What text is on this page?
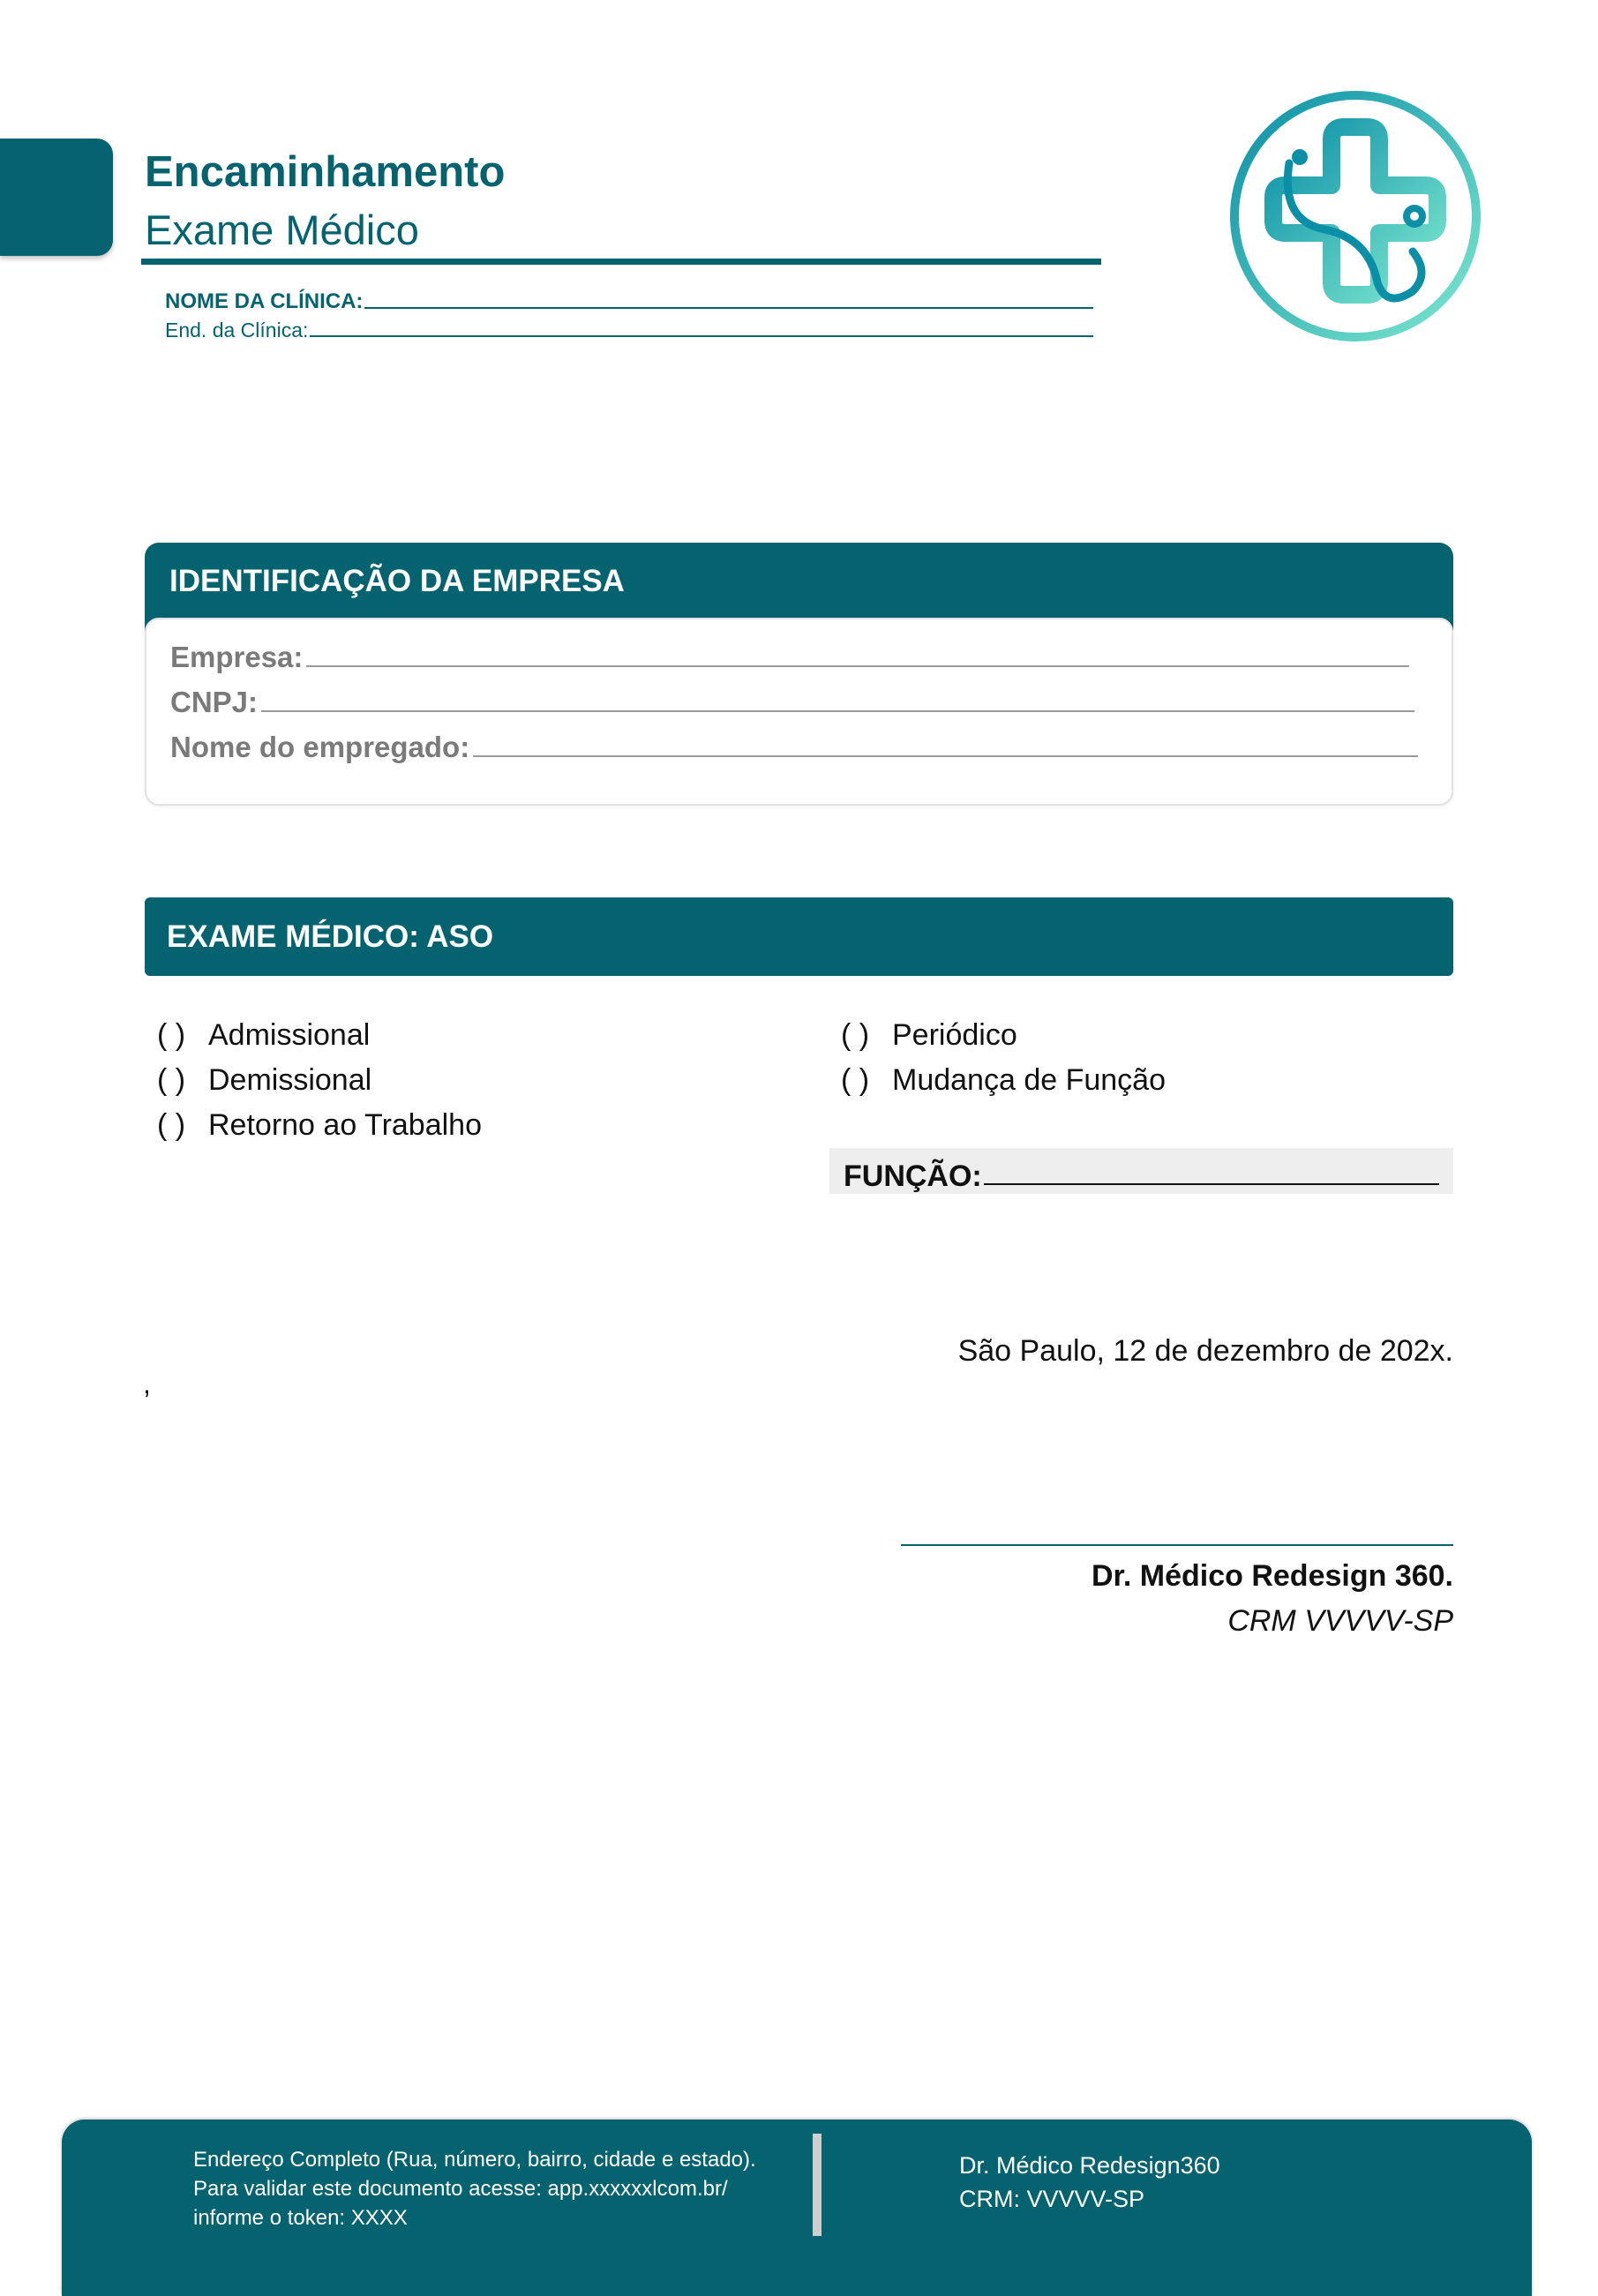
Encaminhamento
Exame Médico
NOME DA CLÍNICA:
End. da Clínica:
IDENTIFICAÇÃO DA EMPRESA
Empresa:
CNPJ:
Nome do empregado:
EXAME MÉDICO: ASO
( ) Admissional
( ) Demissional
( ) Retorno ao Trabalho
( ) Periódico
( ) Mudança de Função
FUNÇÃO:
São Paulo, 12 de dezembro de 202x.
,
Dr. Médico Redesign 360.
CRM VVVVV-SP
Endereço Completo (Rua, número, bairro, cidade e estado).
Para validar este documento acesse: app.xxxxxxlcom.br/
informe o token: XXXX
Dr. Médico Redesign360
CRM: VVVVV-SP
